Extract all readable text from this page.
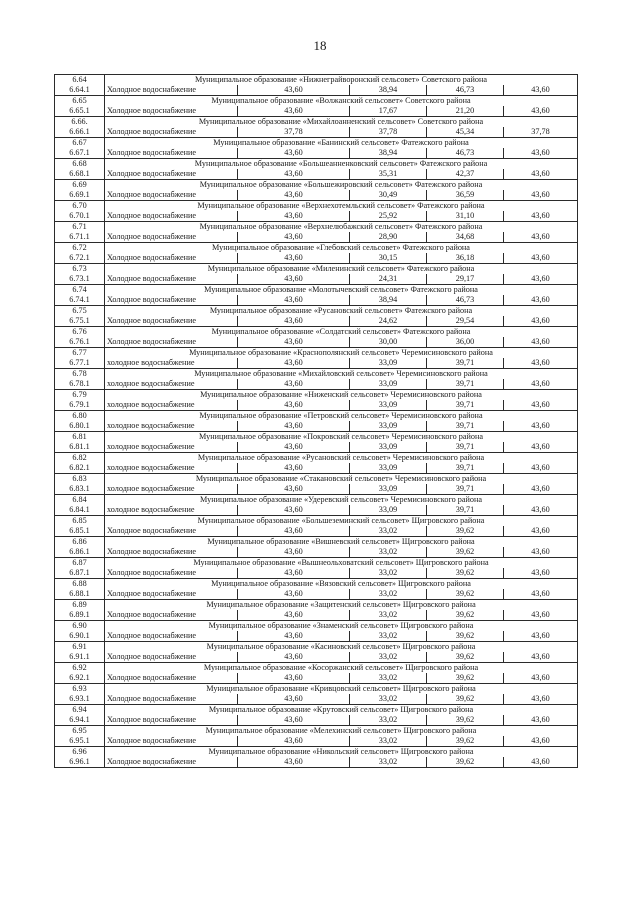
18
6.64	Муниципальное образование «Нижнеграйворонский сельсовет» Советского района				
6.64.1	Холодное водоснабжение	43,60	38,94	46,73	43,60
6.65	Муниципальное образование «Волжанский сельсовет» Советского района				
6.65.1	Холодное водоснабжение	43,60	17,67	21,20	43,60
6.66.	Муниципальное образование «Михайлоанненский сельсовет» Советского района				
6.66.1	Холодное водоснабжение	37,78	37,78	45,34	37,78
6.67	Муниципальное образование «Банинский сельсовет» Фатежского района				
6.67.1	Холодное водоснабжение	43,60	38,94	46,73	43,60
6.68	Муниципальное образование «Большеанненковский сельсовет» Фатежского района				
6.68.1	Холодное водоснабжение	43,60	35,31	42,37	43,60
6.69	Муниципальное образование «Большежировский сельсовет» Фатежского района				
6.69.1	Холодное водоснабжение	43,60	30,49	36,59	43,60
6.70	Муниципальное образование «Верхнехотемльский сельсовет» Фатежского района				
6.70.1	Холодное водоснабжение	43,60	25,92	31,10	43,60
6.71	Муниципальное образование «Верхнелюбажский сельсовет» Фатежского района				
6.71.1	Холодное водоснабжение	43,60	28,90	34,68	43,60
6.72	Муниципальное образование «Глебовский сельсовет» Фатежского района				
6.72.1	Холодное водоснабжение	43,60	30,15	36,18	43,60
6.73	Муниципальное образование «Миленинский сельсовет» Фатежского района				
6.73.1	Холодное водоснабжение	43,60	24,31	29,17	43,60
6.74	Муниципальное образование «Молотычевский сельсовет» Фатежского района				
6.74.1	Холодное водоснабжение	43,60	38,94	46,73	43,60
6.75	Муниципальное образование «Русановский сельсовет» Фатежского района				
6.75.1	Холодное водоснабжение	43,60	24,62	29,54	43,60
6.76	Муниципальное образование «Солдатский сельсовет» Фатежского района				
6.76.1	Холодное водоснабжение	43,60	30,00	36,00	43,60
6.77	Муниципальное образование «Краснополянский сельсовет» Черемисиновского района				
6.77.1	холодное водоснабжение	43,60	33,09	39,71	43,60
6.78	Муниципальное образование «Михайловский сельсовет» Черемисиновского района				
6.78.1	холодное водоснабжение	43,60	33,09	39,71	43,60
6.79	Муниципальное образование «Ниженский сельсовет» Черемисиновского района				
6.79.1	холодное водоснабжение	43,60	33,09	39,71	43,60
6.80	Муниципальное образование «Петровский сельсовет» Черемисиновского района				
6.80.1	холодное водоснабжение	43,60	33,09	39,71	43,60
6.81	Муниципальное образование «Покровский сельсовет» Черемисиновского района				
6.81.1	холодное водоснабжение	43,60	33,09	39,71	43,60
6.82	Муниципальное образование «Русановский сельсовет» Черемисиновского района				
6.82.1	холодное водоснабжение	43,60	33,09	39,71	43,60
6.83	Муниципальное образование «Стакановский сельсовет» Черемисиновского района				
6.83.1	холодное водоснабжение	43,60	33,09	39,71	43,60
6.84	Муниципальное образование «Удеревский сельсовет» Черемисиновского района				
6.84.1	холодное водоснабжение	43,60	33,09	39,71	43,60
6.85	Муниципальное образование «Большеземинский сельсовет» Щигровского района				
6.85.1	Холодное водоснабжение	43,60	33,02	39,62	43,60
6.86	Муниципальное образование «Вишневский сельсовет» Щигровского района				
6.86.1	Холодное водоснабжение	43,60	33,02	39,62	43,60
6.87	Муниципальное образование «Вышнеольховатский сельсовет» Щигровского района				
6.87.1	Холодное водоснабжение	43,60	33,02	39,62	43,60
6.88	Муниципальное образование «Вязовский сельсовет» Щигровского района				
6.88.1	Холодное водоснабжение	43,60	33,02	39,62	43,60
6.89	Муниципальное образование «Защитенский сельсовет» Щигровского района				
6.89.1	Холодное водоснабжение	43,60	33,02	39,62	43,60
6.90	Муниципальное образование «Знаменский сельсовет» Щигровского района				
6.90.1	Холодное водоснабжение	43,60	33,02	39,62	43,60
6.91	Муниципальное образование «Касиновский сельсовет» Щигровского района				
6.91.1	Холодное водоснабжение	43,60	33,02	39,62	43,60
6.92	Муниципальное образование «Косоржанский сельсовет» Щигровского района				
6.92.1	Холодное водоснабжение	43,60	33,02	39,62	43,60
6.93	Муниципальное образование «Кривцовский сельсовет» Щигровского района				
6.93.1	Холодное водоснабжение	43,60	33,02	39,62	43,60
6.94	Муниципальное образование «Крутовский сельсовет» Щигровского района				
6.94.1	Холодное водоснабжение	43,60	33,02	39,62	43,60
6.95	Муниципальное образование «Мелехинский сельсовет» Щигровского района				
6.95.1	Холодное водоснабжение	43,60	33,02	39,62	43,60
6.96	Муниципальное образование «Никольский сельсовет» Щигровского района				
6.96.1	Холодное водоснабжение	43,60	33,02	39,62	43,60
